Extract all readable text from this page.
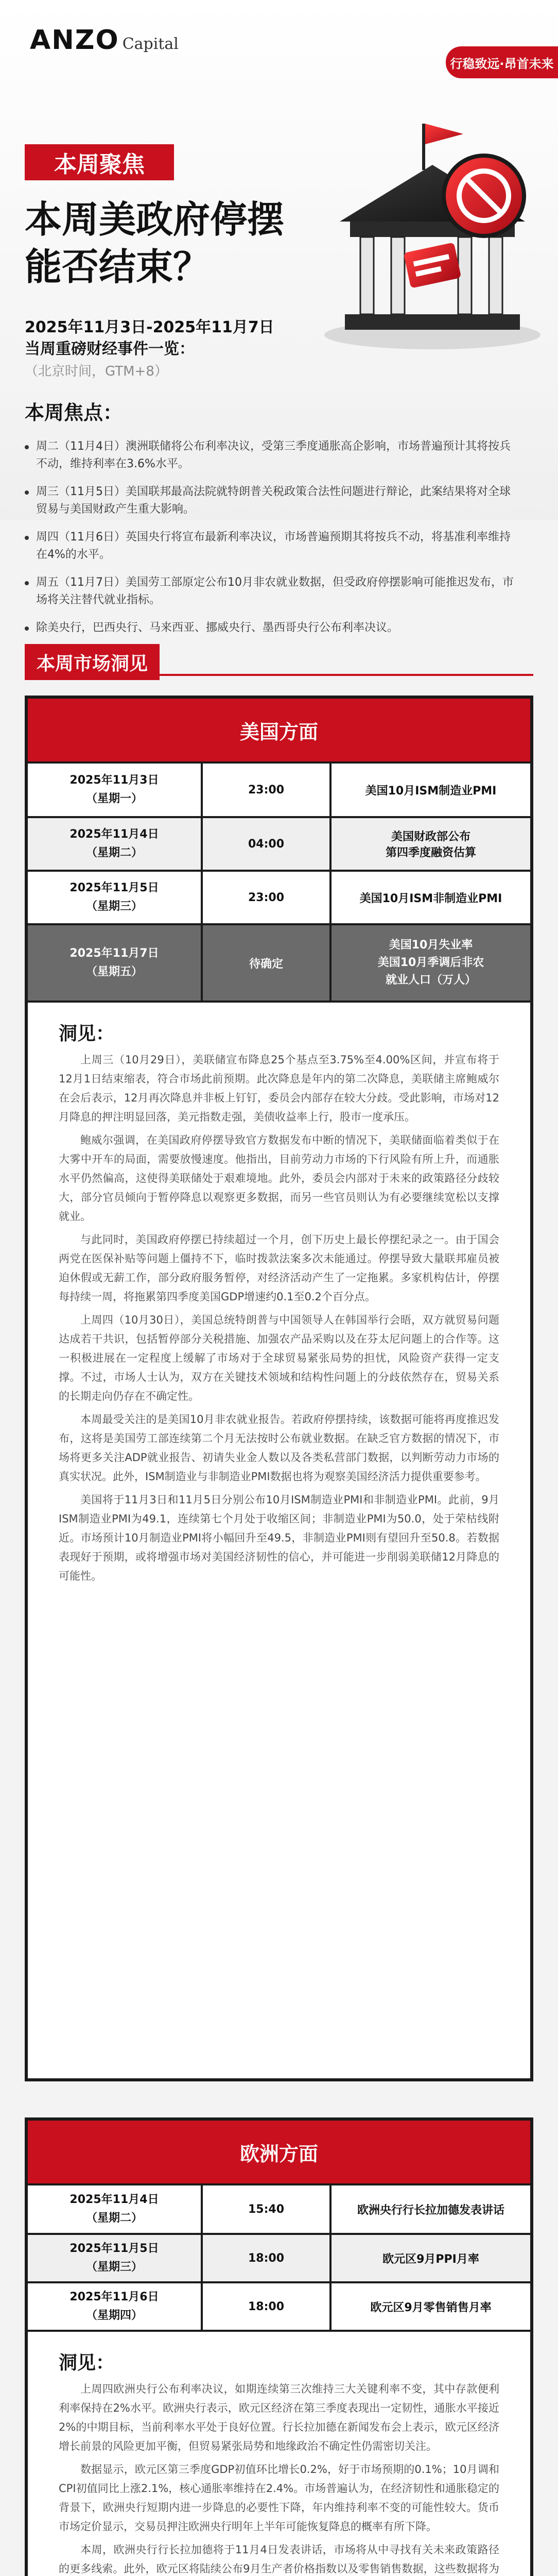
ANZO Capital
行稳致远·昂首未来
本周聚焦
本周美政府停摆
能否结束？
2025年11月3日-2025年11月7日
当周重磅财经事件一览：
（北京时间，GTM+8）
本周焦点：
周二（11月4日）澳洲联储将公布利率决议，受第三季度通胀高企影响，市场普遍预计其将按兵不动，维持利率在3.6%水平。
周三（11月5日）美国联邦最高法院就特朗普关税政策合法性问题进行辩论，此案结果将对全球贸易与美国财政产生重大影响。
周四（11月6日）英国央行将宣布最新利率决议，市场普遍预期其将按兵不动，将基准利率维持在4%的水平。
周五（11月7日）美国劳工部原定公布10月非农就业数据，但受政府停摆影响可能推迟发布，市场将关注替代就业指标。
除美央行，巴西央行、马来西亚、挪威央行、墨西哥央行公布利率决议。
本周市场洞见
美国方面
2025年11月3日
（星期一）	23:00	美国10月ISM制造业PMI
2025年11月4日
（星期二）	04:00	美国财政部公布
第四季度融资估算
2025年11月5日
（星期三）	23:00	美国10月ISM非制造业PMI
2025年11月7日
（星期五）	待确定	美国10月失业率
美国10月季调后非农
就业人口（万人）
洞见：

上周三（10月29日），美联储宣布降息25个基点至3.75%至4.00%区间，并宣布将于12月1日结束缩表，符合市场此前预期。此次降息是年内的第二次降息，美联储主席鲍威尔在会后表示，12月再次降息并非板上钉钉，委员会内部存在较大分歧。受此影响，市场对12月降息的押注明显回落，美元指数走强，美债收益率上行，股市一度承压。

鲍威尔强调，在美国政府停摆导致官方数据发布中断的情况下，美联储面临着类似于在大雾中开车的局面，需要放慢速度。他指出，目前劳动力市场的下行风险有所上升，而通胀水平仍然偏高，这使得美联储处于艰难境地。此外，委员会内部对于未来的政策路径分歧较大，部分官员倾向于暂停降息以观察更多数据，而另一些官员则认为有必要继续宽松以支撑就业。

与此同时，美国政府停摆已持续超过一个月，创下历史上最长停摆纪录之一。由于国会两党在医保补贴等问题上僵持不下，临时拨款法案多次未能通过。停摆导致大量联邦雇员被迫休假或无薪工作，部分政府服务暂停，对经济活动产生了一定拖累。多家机构估计，停摆每持续一周，将拖累第四季度美国GDP增速约0.1至0.2个百分点。

上周四（10月30日），美国总统特朗普与中国领导人在韩国举行会晤，双方就贸易问题达成若干共识，包括暂停部分关税措施、加强农产品采购以及在芬太尼问题上的合作等。这一积极进展在一定程度上缓解了市场对于全球贸易紧张局势的担忧，风险资产获得一定支撑。不过，市场人士认为，双方在关键技术领域和结构性问题上的分歧依然存在，贸易关系的长期走向仍存在不确定性。

本周最受关注的是美国10月非农就业报告。若政府停摆持续，该数据可能将再度推迟发布，这将是美国劳工部连续第二个月无法按时公布就业数据。在缺乏官方数据的情况下，市场将更多关注ADP就业报告、初请失业金人数以及各类私营部门数据，以判断劳动力市场的真实状况。此外，ISM制造业与非制造业PMI数据也将为观察美国经济活力提供重要参考。

美国将于11月3日和11月5日分别公布10月ISM制造业PMI和非制造业PMI。此前，9月ISM制造业PMI为49.1，连续第七个月处于收缩区间；非制造业PMI为50.0，处于荣枯线附近。市场预计10月制造业PMI将小幅回升至49.5，非制造业PMI则有望回升至50.8。若数据表现好于预期，或将增强市场对美国经济韧性的信心，并可能进一步削弱美联储12月降息的可能性。

欧洲方面
2025年11月4日
（星期二）	15:40	欧洲央行行长拉加德发表讲话
2025年11月5日
（星期三）	18:00	欧元区9月PPI月率
2025年11月6日
（星期四）	18:00	欧元区9月零售销售月率
洞见：

上周四欧洲央行公布利率决议，如期连续第三次维持三大关键利率不变，其中存款便利利率保持在2%水平。欧洲央行表示，欧元区经济在第三季度表现出一定韧性，通胀水平接近2%的中期目标，当前利率水平处于良好位置。行长拉加德在新闻发布会上表示，欧元区经济增长前景的风险更加平衡，但贸易紧张局势和地缘政治不确定性仍需密切关注。

数据显示，欧元区第三季度GDP初值环比增长0.2%，好于市场预期的0.1%；10月调和CPI初值同比上涨2.1%，核心通胀率维持在2.4%。市场普遍认为，在经济韧性和通胀稳定的背景下，欧洲央行短期内进一步降息的必要性下降，年内维持利率不变的可能性较大。货币市场定价显示，交易员押注欧洲央行明年上半年可能恢复降息的概率有所下降。

本周，欧洲央行行长拉加德将于11月4日发表讲话，市场将从中寻找有关未来政策路径的更多线索。此外，欧元区将陆续公布9月生产者价格指数以及零售销售数据，这些数据将为
